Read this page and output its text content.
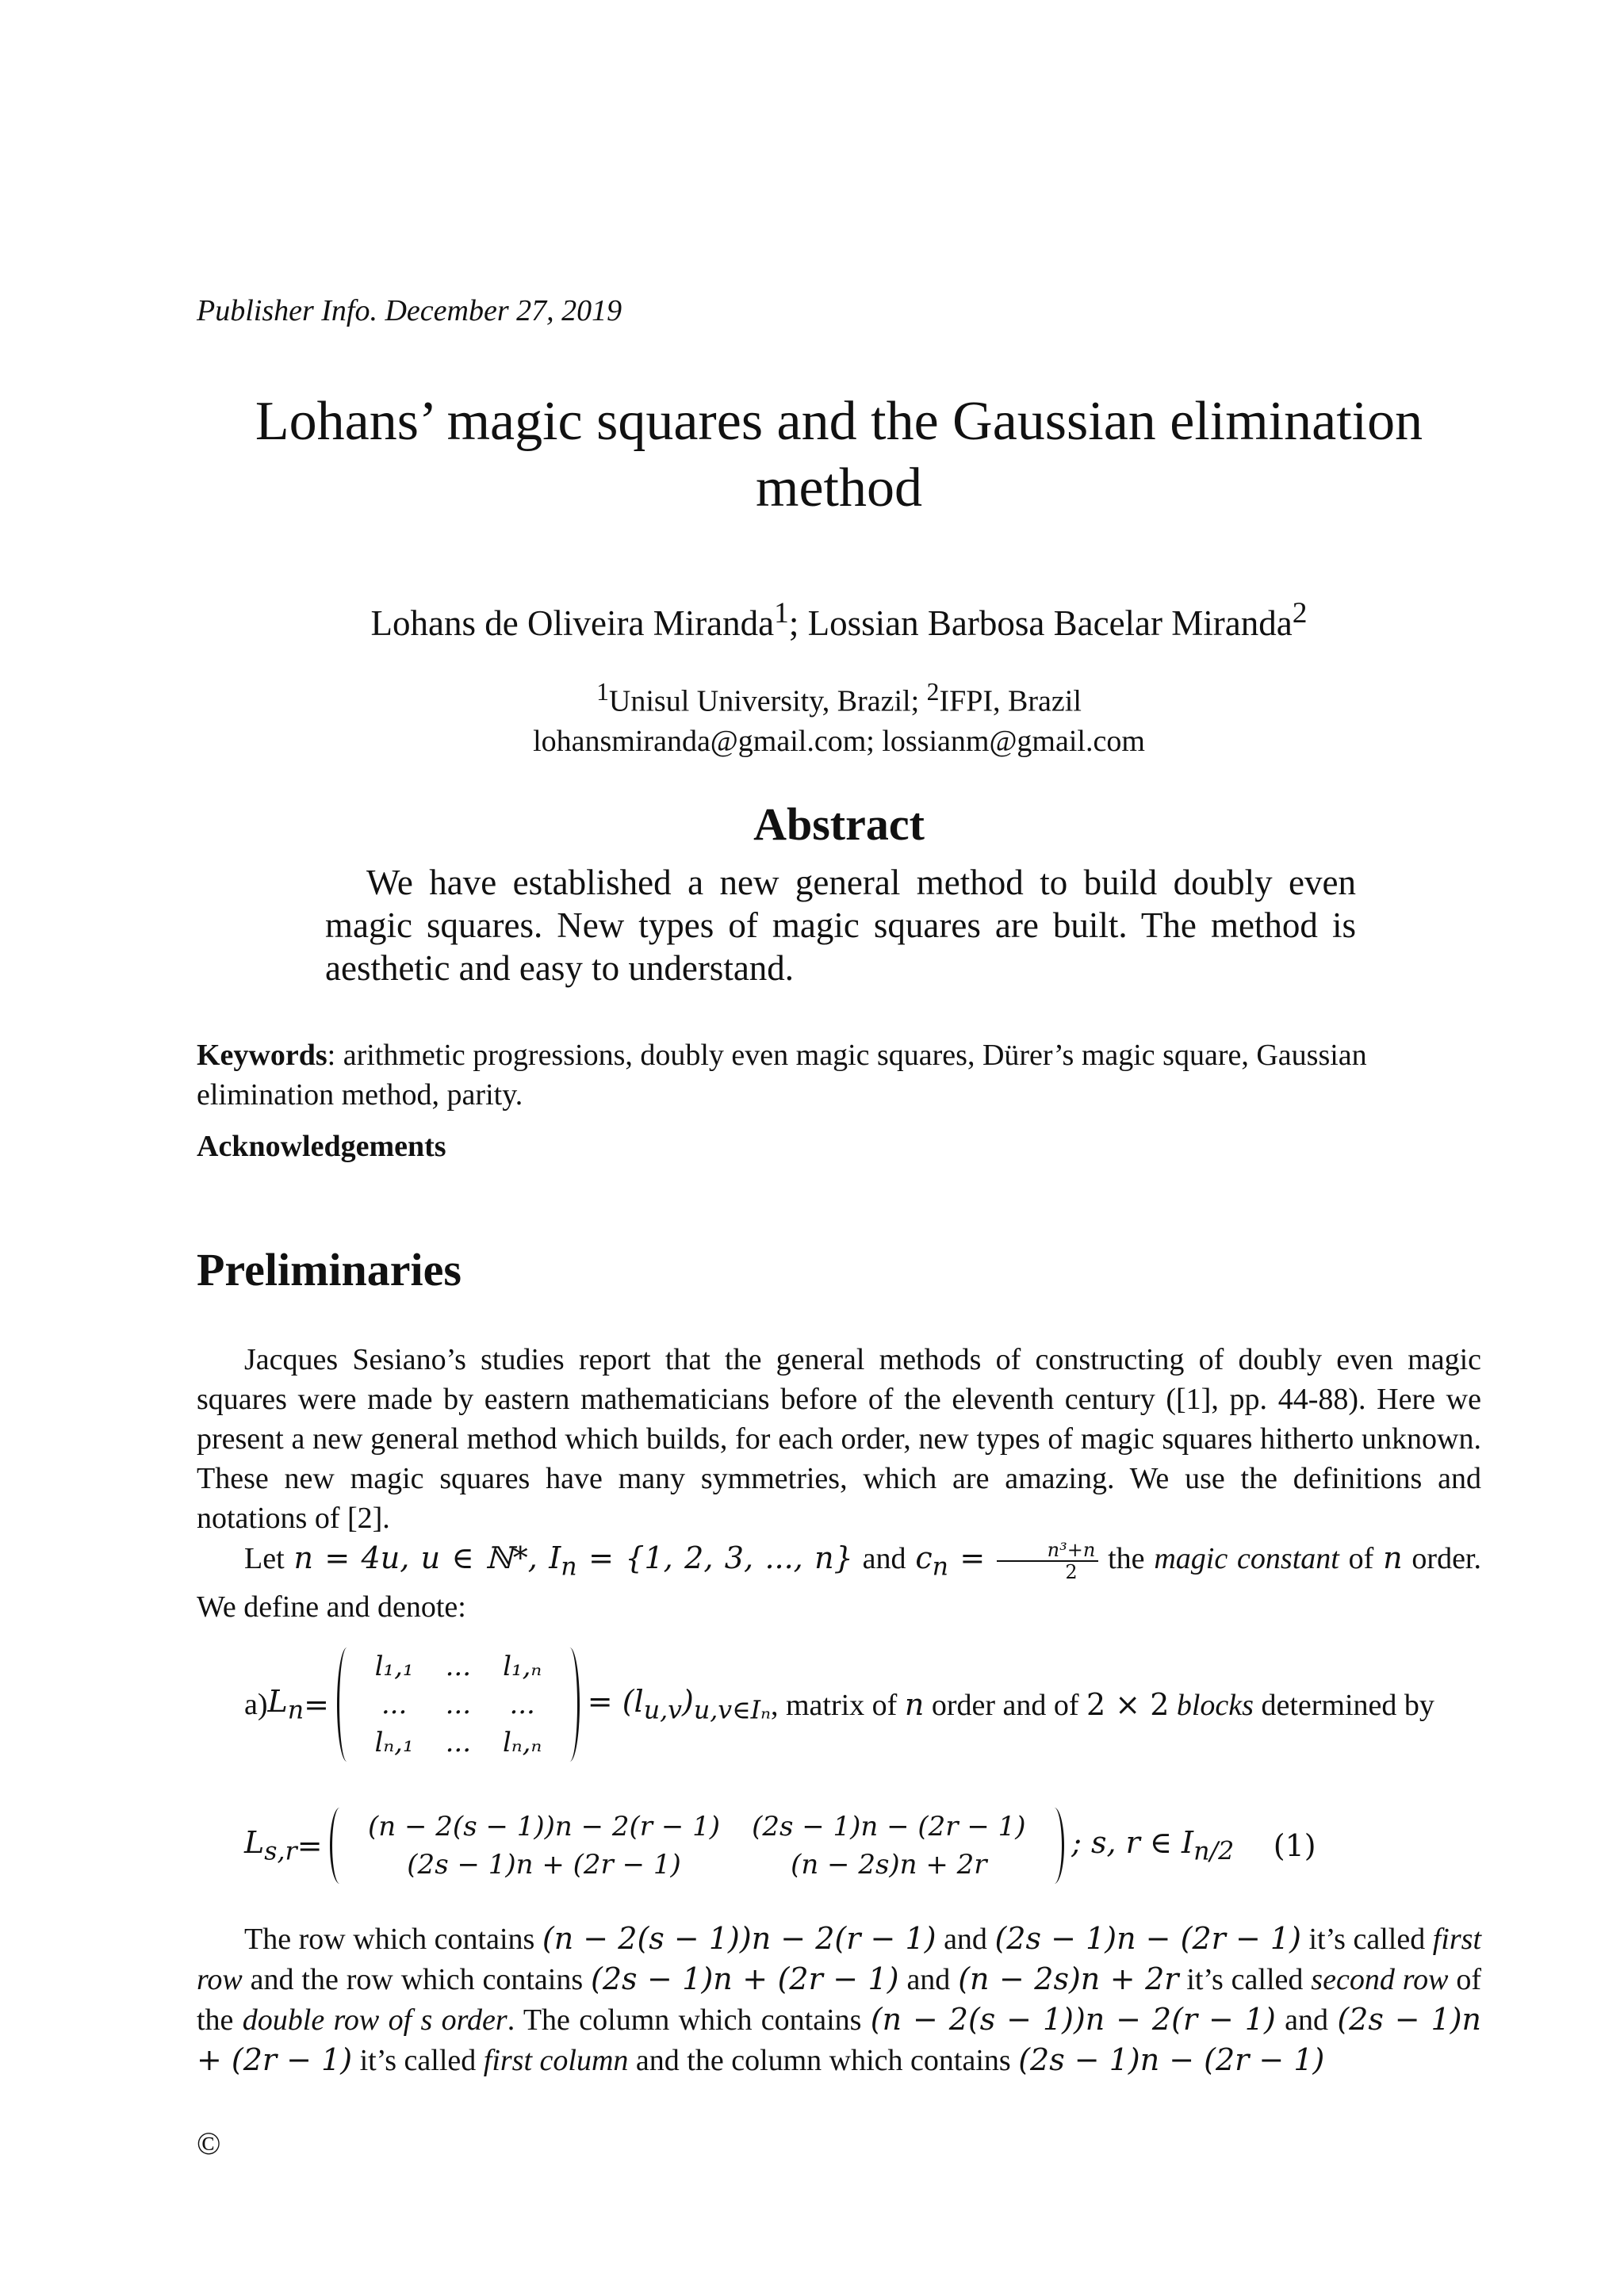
Publisher Info. December 27, 2019
Lohans’ magic squares and the Gaussian elimination method
Lohans de Oliveira Miranda$^1$; Lossian Barbosa Bacelar Miranda$^2$
$^1$Unisul University, Brazil; $^2$IFPI, Brazil
lohansmiranda@gmail.com; lossianm@gmail.com
Abstract
We have established a new general method to build doubly even magic squares. New types of magic squares are built. The method is aesthetic and easy to understand.
Keywords: arithmetic progressions, doubly even magic squares, Dürer’s magic square, Gaussian elimination method, parity.
Acknowledgements
Preliminaries
Jacques Sesiano’s studies report that the general methods of constructing of doubly even magic squares were made by eastern mathematicians before of the eleventh century ([1], pp. 44-88). Here we present a new general method which builds, for each order, new types of magic squares hitherto unknown. These new magic squares have many symmetries, which are amazing. We use the definitions and notations of [2].
Let n = 4u, u ∈ ℕ*, $I_n = \{1$, 2, 3, ..., n} and $c_n = \frac{\text{n³+n}}{2}$ the magic constant of n order. We define and denote:
$a)L_n=$
l₁,₁	...	l₁,ₙ
...	...	...
lₙ,₁	...	lₙ,ₙ
= $(l_{u,v})_{u,v\in I_n}$, matrix of n order and of 2 × 2 blocks determined by
$L_{s,r}=$
(n − 2(s − 1))n − 2(r − 1)	(2s − 1)n − (2r − 1)
(2s − 1)n + (2r − 1)	(n − 2s)n + 2r
; s, r ∈ $I_{n/2}$ (1)
The row which contains (n − 2(s − 1))n − 2(r − 1) and (2s − 1)n − (2r − 1) it’s called first row and the row which contains (2s − 1)n + (2r − 1) and (n − 2s)n + 2r it’s called second row of the double row of s order. The column which contains (n − 2(s − 1))n − 2(r − 1) and (2s − 1)n + (2r − 1) it’s called first column and the column which contains (2s − 1)n − (2r − 1)
©
